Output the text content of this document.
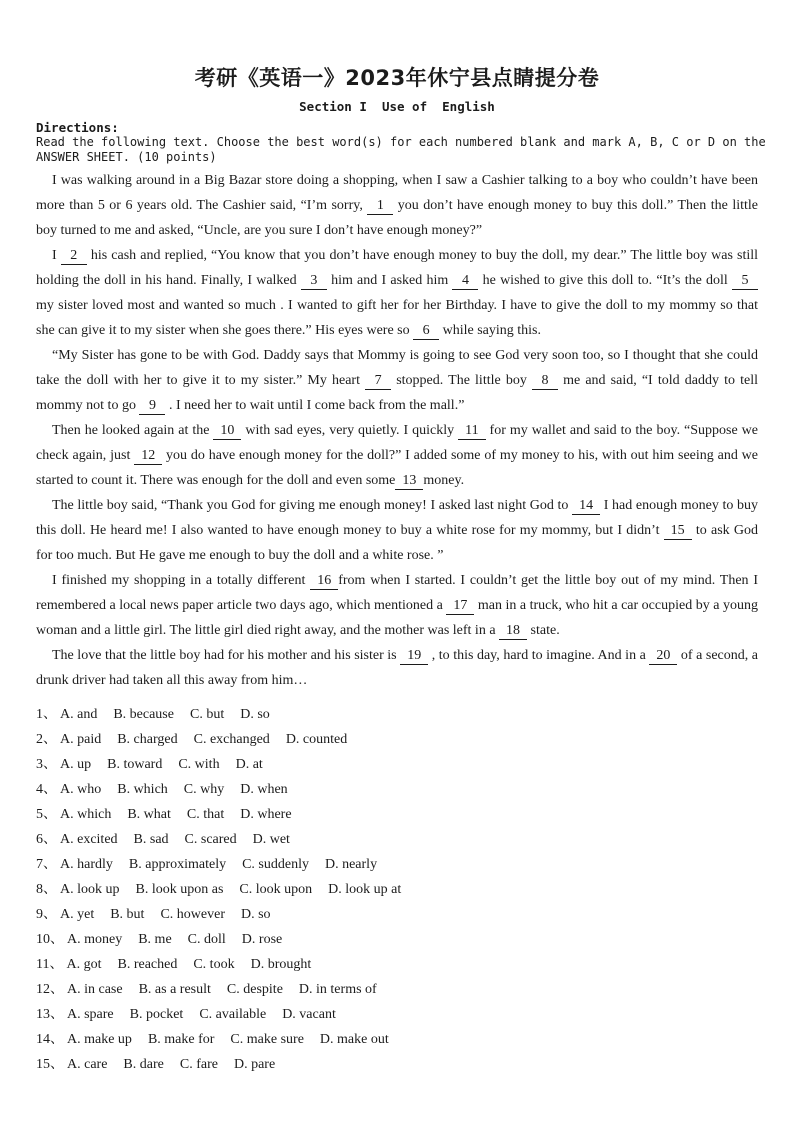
考研《英语一》2023年休宁县点睛提分卷
Section I  Use of  English
Directions:
Read the following text. Choose the best word(s) for each numbered blank and mark A, B, C or D on the
ANSWER SHEET. (10 points)

I was walking around in a Big Bazar store doing a shopping, when I saw a Cashier talking to a boy who couldn’t have been more than 5 or 6 years old. The Cashier said, “I’m sorry, 1 you don’t have enough money to buy this doll.” Then the little boy turned to me and asked, “Uncle, are you sure I don’t have enough money?”

I 2 his cash and replied, “You know that you don’t have enough money to buy the doll, my dear.” The little boy was still holding the doll in his hand. Finally, I walked 3 him and I asked him 4 he wished to give this doll to. “It’s the doll 5 my sister loved most and wanted so much . I wanted to gift her for her Birthday. I have to give the doll to my mommy so that she can give it to my sister when she goes there.” His eyes were so 6 while saying this.

“My Sister has gone to be with God. Daddy says that Mommy is going to see God very soon too, so I thought that she could take the doll with her to give it to my sister.” My heart 7 stopped. The little boy 8 me and said, “I told daddy to tell mommy not to go 9 . I need her to wait until I come back from the mall.”

Then he looked again at the 10 with sad eyes, very quietly. I quickly 11 for my wallet and said to the boy. “Suppose we check again, just 12 you do have enough money for the doll?” I added some of my money to his, with out him seeing and we started to count it. There was enough for the doll and even some 13 money.

The little boy said, “Thank you God for giving me enough money! I asked last night God to 14 I had enough money to buy this doll. He heard me! I also wanted to have enough money to buy a white rose for my mommy, but I didn’t 15 to ask God for too much. But He gave me enough to buy the doll and a white rose. ”

I finished my shopping in a totally different 16 from when I started. I couldn’t get the little boy out of my mind. Then I remembered a local news paper article two days ago, which mentioned a 17 man in a truck, who hit a car occupied by a young woman and a little girl. The little girl died right away, and the mother was left in a 18 state.

The love that the little boy had for his mother and his sister is 19 , to this day, hard to imagine. And in a 20 of a second, a drunk driver had taken all this away from him…

1、 A. and B. because C. but D. so
2、 A. paid B. charged C. exchanged D. counted
3、 A. up B. toward C. with D. at
4、 A. who B. which C. why D. when
5、 A. which B. what C. that D. where
6、 A. excited B. sad C. scared D. wet
7、 A. hardly B. approximately C. suddenly D. nearly
8、 A. look up B. look upon as C. look upon D. look up at
9、 A. yet B. but C. however D. so
10、 A. money B. me C. doll D. rose
11、 A. got B. reached C. took D. brought
12、 A. in case B. as a result C. despite D. in terms of
13、 A. spare B. pocket C. available D. vacant
14、 A. make up B. make for C. make sure D. make out
15、 A. care B. dare C. fare D. pare
